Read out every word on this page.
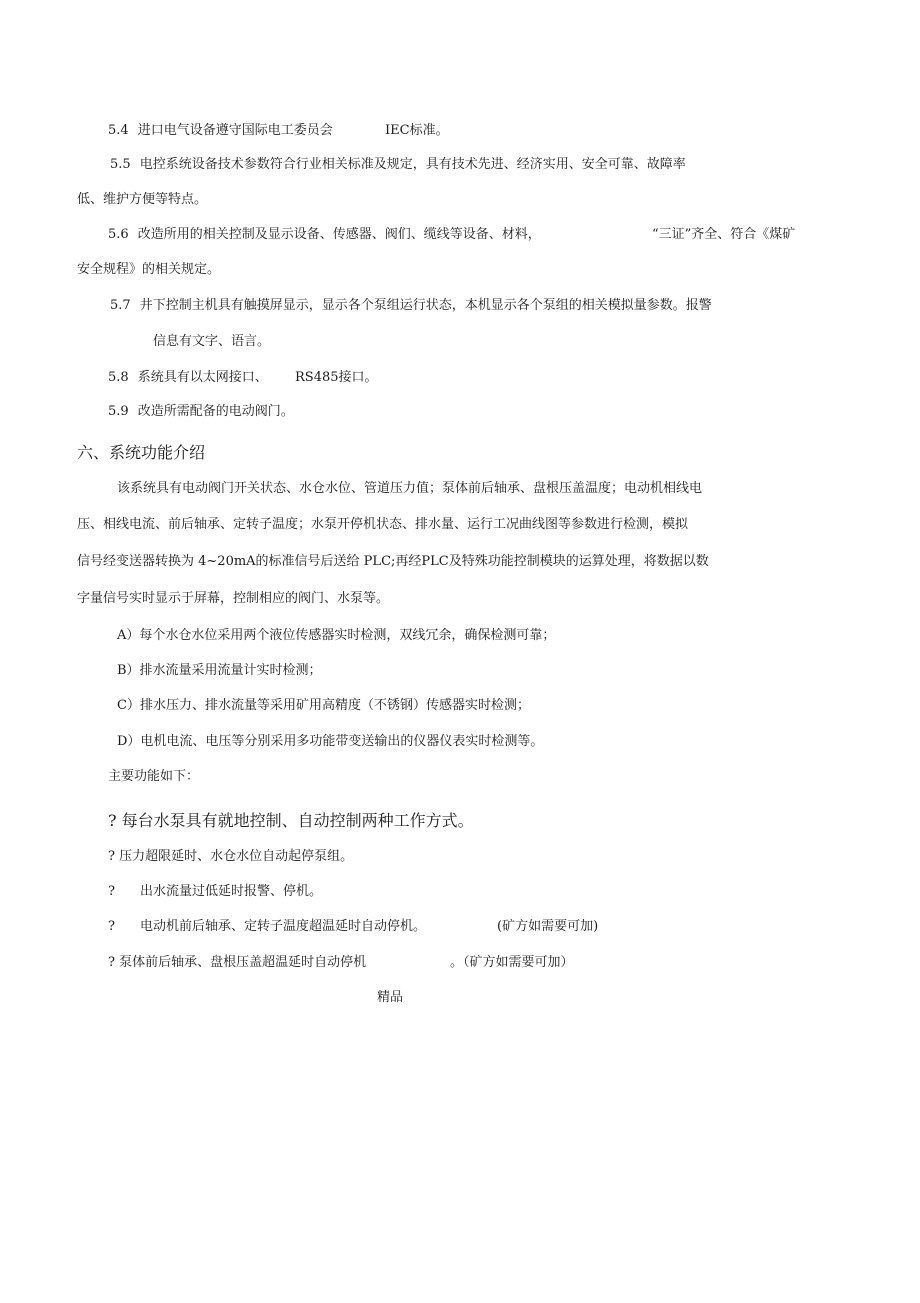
5.4 进口电气设备遵守国际电工委员会	IEC标准。
5.5 电控系统设备技术参数符合行业相关标准及规定，具有技术先进、经济实用、安全可靠、故障率
低、维护方便等特点。
5.6 改造所用的相关控制及显示设备、传感器、阀们、缆线等设备、材料，	“三证”齐全、符合《煤矿
安全规程》的相关规定。
5.7 井下控制主机具有触摸屏显示，显示各个泵组运行状态，本机显示各个泵组的相关模拟量参数。报警
信息有文字、语言。
5.8 系统具有以太网接口、 RS485接口。
5.9 改造所需配备的电动阀门。
六、系统功能介绍
该系统具有电动阀门开关状态、水仓水位、管道压力值；泵体前后轴承、盘根压盖温度；电动机相线电
压、相线电流、前后轴承、定转子温度；水泵开停机状态、排水量、运行工况曲线图等参数进行检测，模拟
信号经变送器转换为 4~20mA的标准信号后送给 PLC;再经PLC及特殊功能控制模块的运算处理，将数据以数
字量信号实时显示于屏幕，控制相应的阀门、水泵等。
A）每个水仓水位采用两个液位传感器实时检测，双线冗余，确保检测可靠；
B）排水流量采用流量计实时检测；
C）排水压力、排水流量等采用矿用高精度（不锈钢）传感器实时检测；
D）电机电流、电压等分别采用多功能带变送输出的仪器仪表实时检测等。
主要功能如下：
? 每台水泵具有就地控制、自动控制两种工作方式。
? 压力超限延时、水仓水位自动起停泵组。
? 出水流量过低延时报警、停机。
? 电动机前后轴承、定转子温度超温延时自动停机。	(矿方如需要可加)
? 泵体前后轴承、盘根压盖超温延时自动停机	。（矿方如需要可加）
精品
